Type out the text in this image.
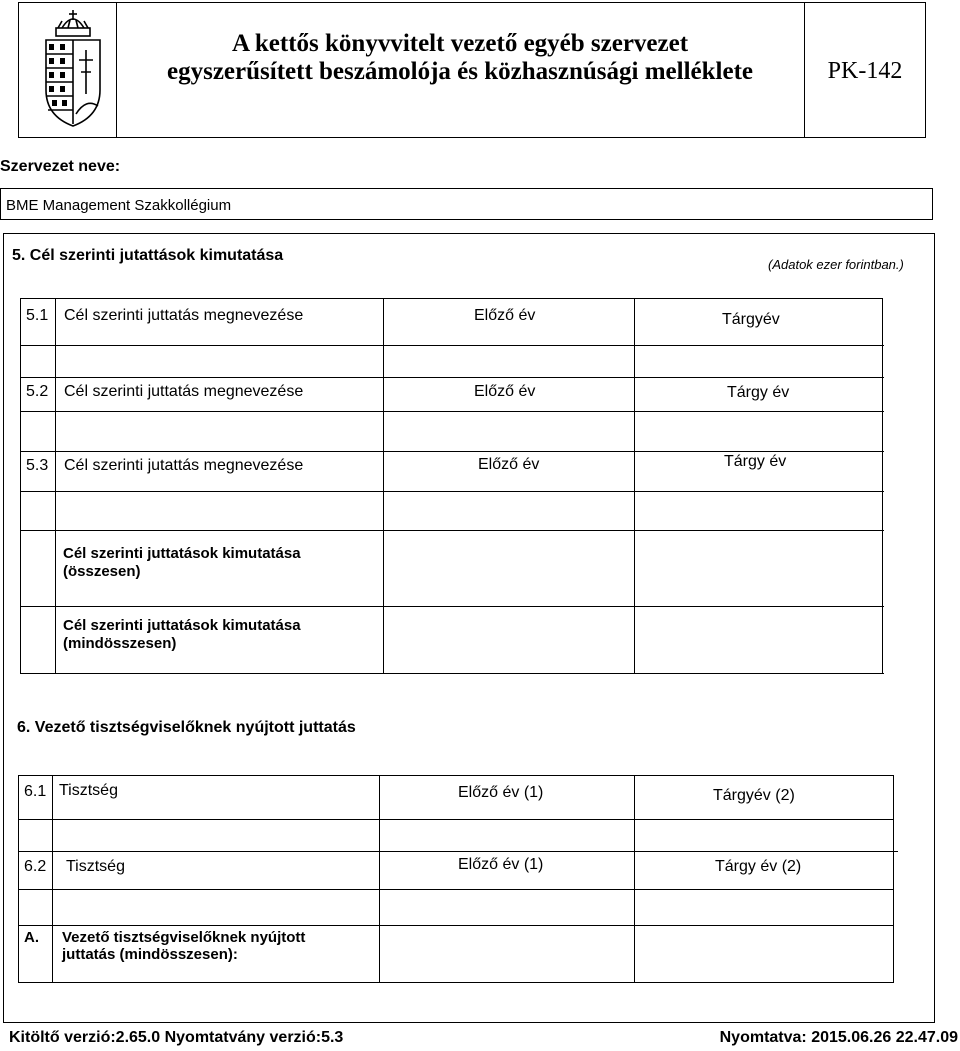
A kettős könyvvitelt vezető egyéb szervezet
egyszerűsített beszámolója és közhasznúsági melléklete	PK-142
Szervezet neve:
BME Management Szakkollégium
5. Cél szerinti jutattások kimutatása
(Adatok ezer forintban.)
5.1 Cél szerinti juttatás megnevezése	Előző év	Tárgyév
5.2 Cél szerinti juttatás megnevezése	Előző év	Tárgy év
5.3 Cél szerinti jutattás megnevezése	Előző év	Tárgy év
Cél szerinti juttatások kimutatása
(összesen)
Cél szerinti juttatások kimutatása
(mindösszesen)
6. Vezető tisztségviselőknek nyújtott juttatás
6.1 Tisztség	Előző év (1)	Tárgyév (2)
6.2 Tisztség	Előző év (1)	Tárgy év (2)
A. Vezető tisztségviselőknek nyújtott
juttatás (mindösszesen):
Kitöltő verzió:2.65.0 Nyomtatvány verzió:5.3	Nyomtatva: 2015.06.26 22.47.09
